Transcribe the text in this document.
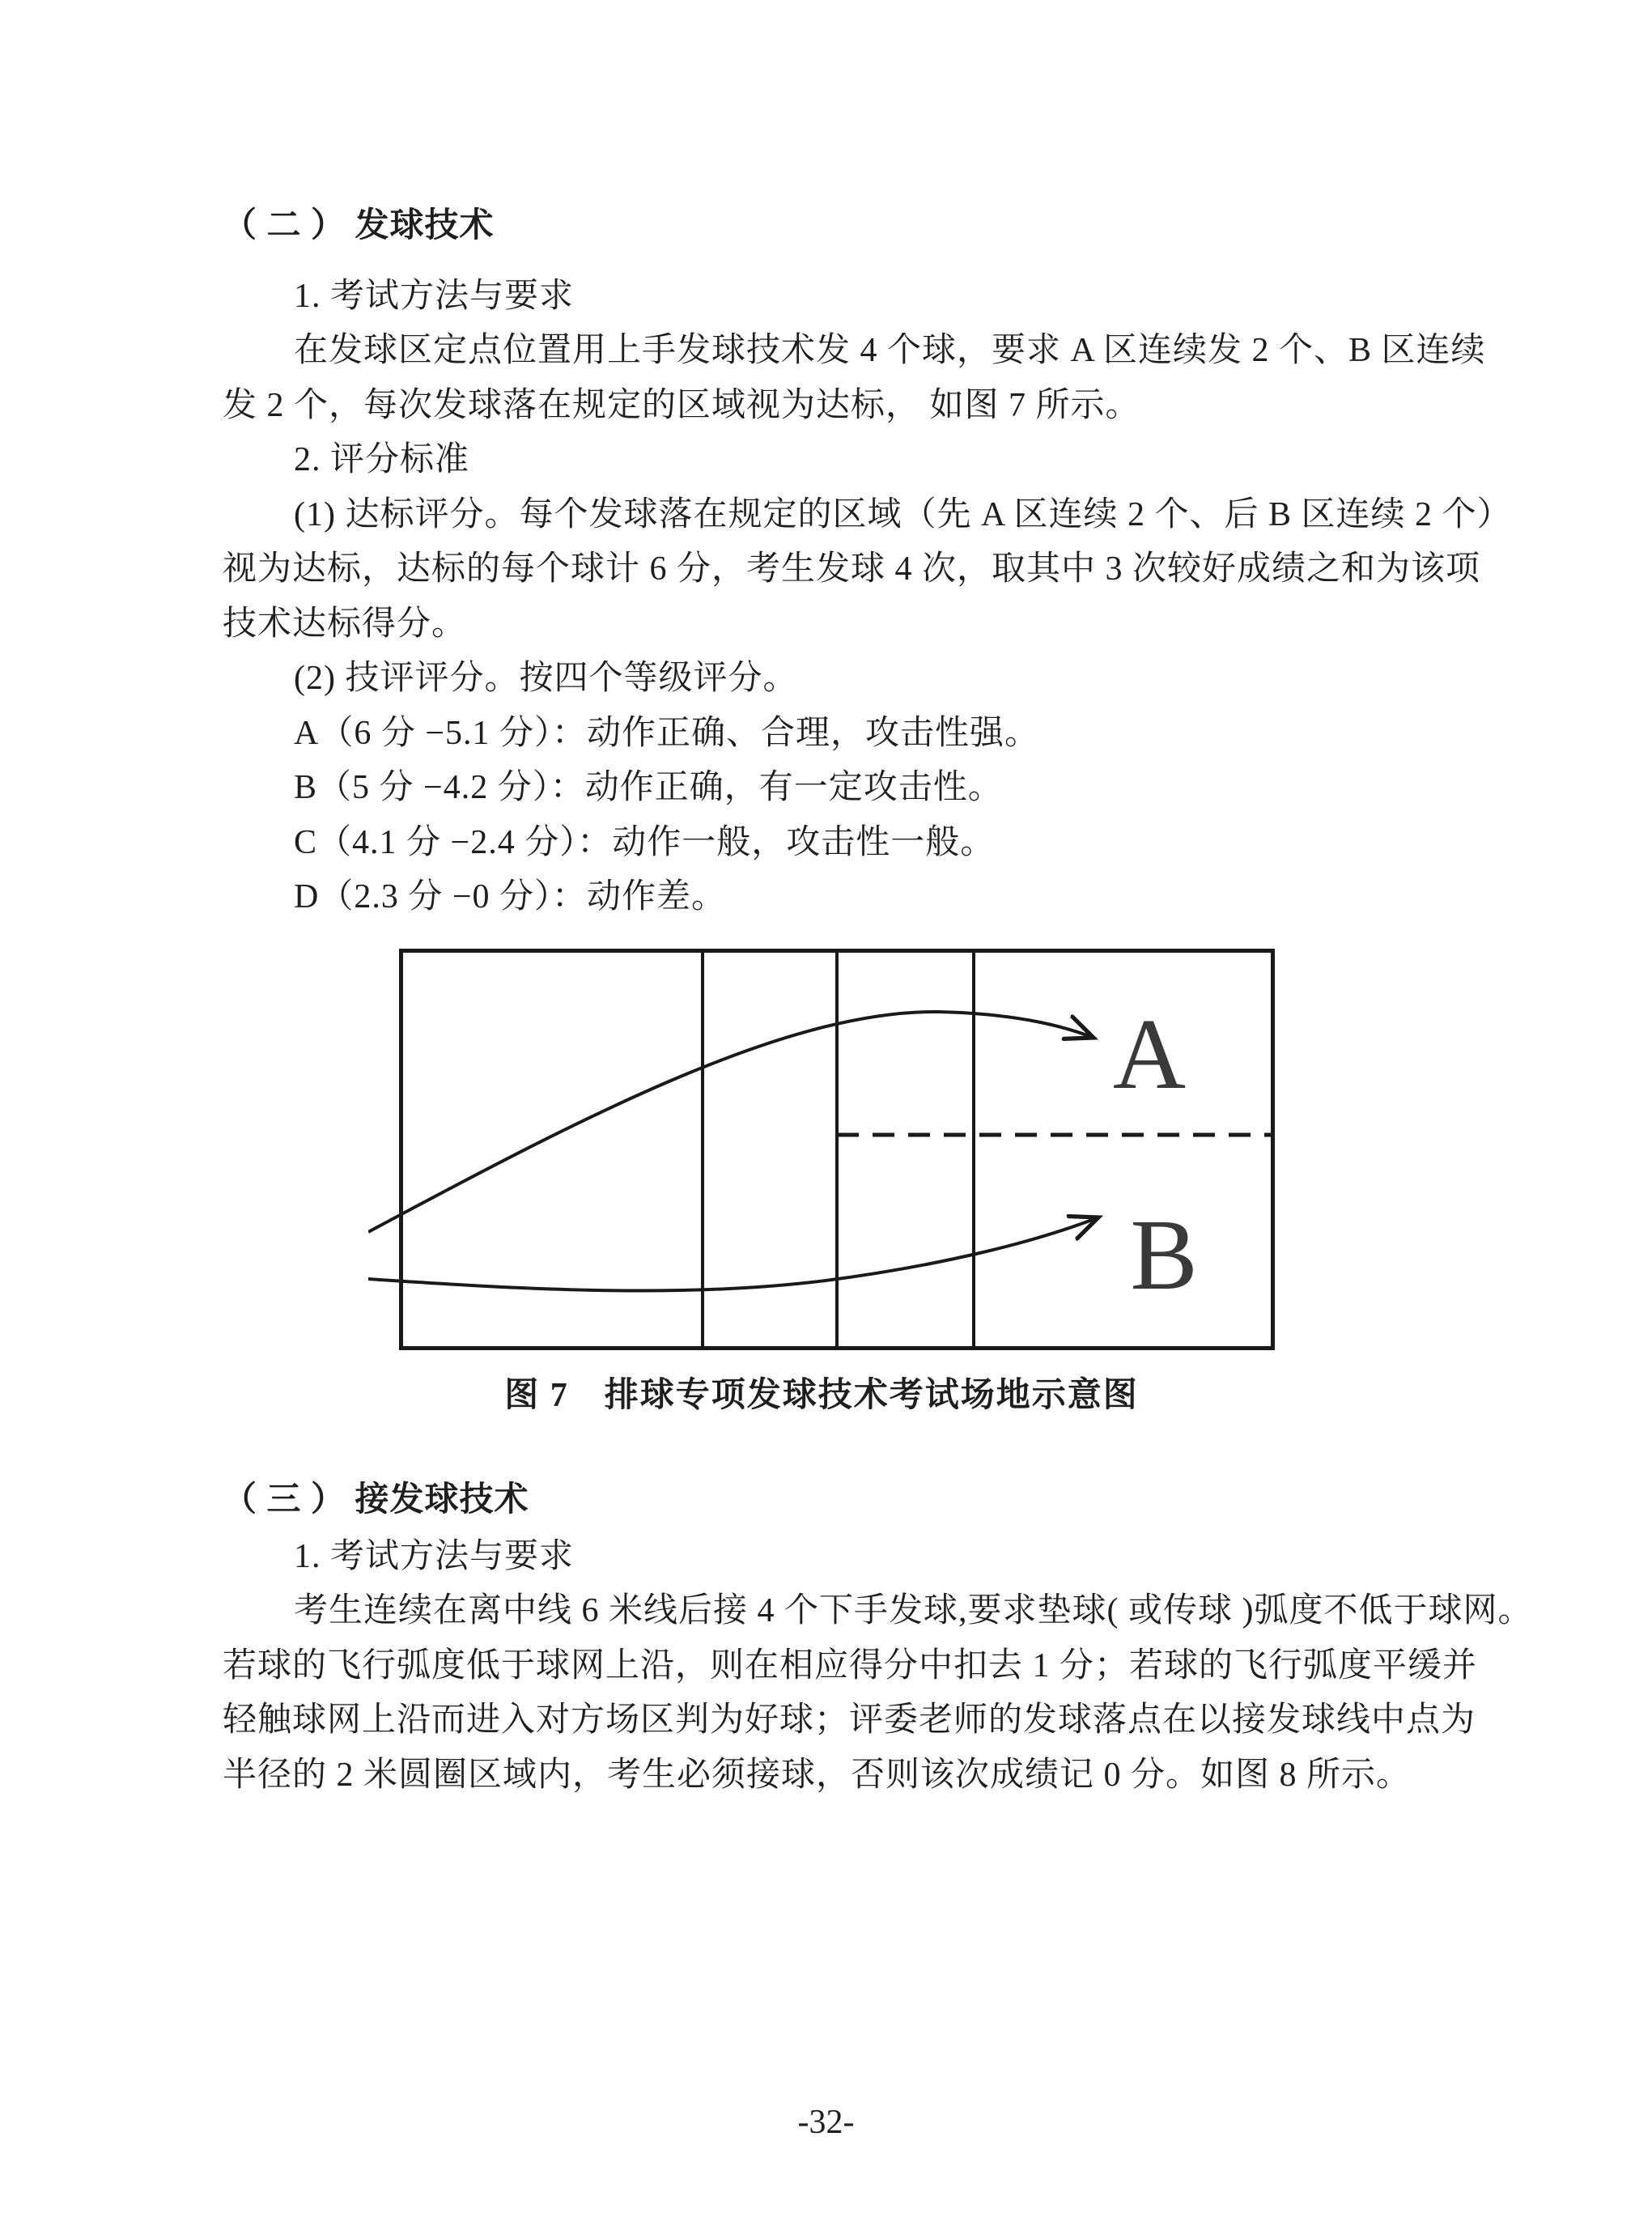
（ 二 ） 发球技术
1. 考试方法与要求
在发球区定点位置用上手发球技术发 4 个球，要求 A 区连续发 2 个、B 区连续
发 2 个，每次发球落在规定的区域视为达标， 如图 7 所示。
2. 评分标准
(1) 达标评分。每个发球落在规定的区域（先 A 区连续 2 个、后 B 区连续 2 个）
视为达标，达标的每个球计 6 分，考生发球 4 次，取其中 3 次较好成绩之和为该项
技术达标得分。
(2) 技评评分。按四个等级评分。
A（6 分 −5.1 分）：动作正确、合理，攻击性强。
B（5 分 −4.2 分）：动作正确，有一定攻击性。
C（4.1 分 −2.4 分）：动作一般，攻击性一般。
D（2.3 分 −0 分）：动作差。
A
B
图 7　排球专项发球技术考试场地示意图
（ 三 ） 接发球技术
1. 考试方法与要求
考生连续在离中线 6 米线后接 4 个下手发球,要求垫球( 或传球 )弧度不低于球网。
若球的飞行弧度低于球网上沿，则在相应得分中扣去 1 分；若球的飞行弧度平缓并
轻触球网上沿而进入对方场区判为好球；评委老师的发球落点在以接发球线中点为
半径的 2 米圆圈区域内，考生必须接球，否则该次成绩记 0 分。如图 8 所示。
-32-
